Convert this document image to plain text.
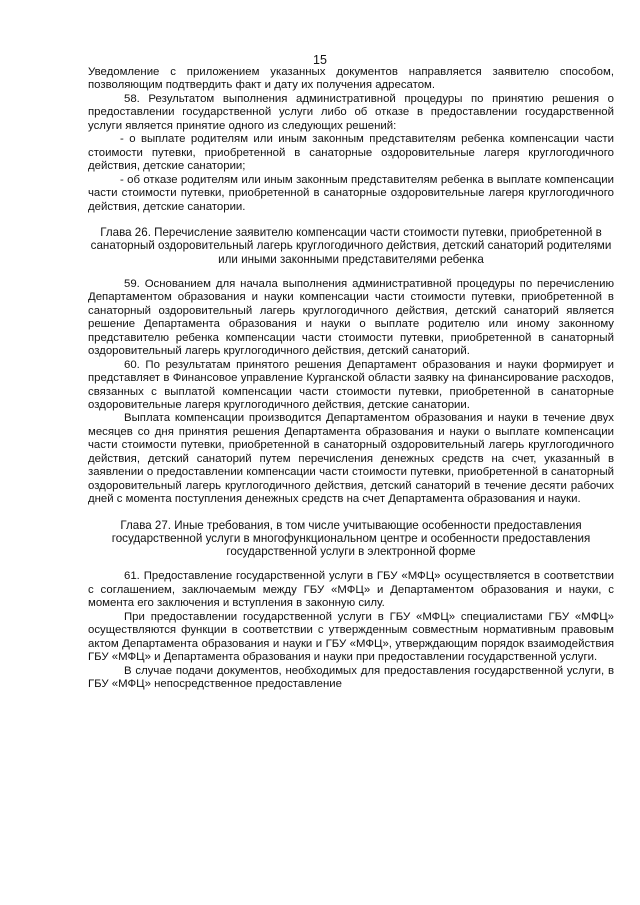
15

Уведомление с приложением указанных документов направляется заявителю способом, позволяющим подтвердить факт и дату их получения адресатом.

58. Результатом выполнения административной процедуры по принятию решения о предоставлении государственной услуги либо об отказе в предоставлении государственной услуги является принятие одного из следующих решений:

- о выплате родителям или иным законным представителям ребенка компенсации части стоимости путевки, приобретенной в санаторные оздоровительные лагеря круглогодичного действия, детские санатории;

- об отказе родителям или иным законным представителям ребенка в выплате компенсации части стоимости путевки, приобретенной в санаторные оздоровительные лагеря круглогодичного действия, детские санатории.

Глава 26. Перечисление заявителю компенсации части стоимости путевки, приобретенной в санаторный оздоровительный лагерь круглогодичного действия, детский санаторий родителями или иными законными представителями ребенка

59. Основанием для начала выполнения административной процедуры по перечислению Департаментом образования и науки компенсации части стоимости путевки, приобретенной в санаторный оздоровительный лагерь круглогодичного действия, детский санаторий является решение Департамента образования и науки о выплате родителю или иному законному представителю ребенка компенсации части стоимости путевки, приобретенной в санаторный оздоровительный лагерь круглогодичного действия, детский санаторий.

60. По результатам принятого решения Департамент образования и науки формирует и представляет в Финансовое управление Курганской области заявку на финансирование расходов, связанных с выплатой компенсации части стоимости путевки, приобретенной в санаторные оздоровительные лагеря круглогодичного действия, детские санатории.

Выплата компенсации производится Департаментом образования и науки в течение двух месяцев со дня принятия решения Департамента образования и науки о выплате компенсации части стоимости путевки, приобретенной в санаторный оздоровительный лагерь круглогодичного действия, детский санаторий путем перечисления денежных средств на счет, указанный в заявлении о предоставлении компенсации части стоимости путевки, приобретенной в санаторный оздоровительный лагерь круглогодичного действия, детский санаторий в течение десяти рабочих дней с момента поступления денежных средств на счет Департамента образования и науки.

Глава 27. Иные требования, в том числе учитывающие особенности предоставления государственной услуги в многофункциональном центре и особенности предоставления государственной услуги в электронной форме

61. Предоставление государственной услуги в ГБУ «МФЦ» осуществляется в соответствии с соглашением, заключаемым между ГБУ «МФЦ» и Департаментом образования и науки, с момента его заключения и вступления в законную силу.

При предоставлении государственной услуги в ГБУ «МФЦ» специалистами ГБУ «МФЦ» осуществляются функции в соответствии с утвержденным совместным нормативным правовым актом Департамента образования и науки и ГБУ «МФЦ», утверждающим порядок взаимодействия ГБУ «МФЦ» и Департамента образования и науки при предоставлении государственной услуги.

В случае подачи документов, необходимых для предоставления государственной услуги, в ГБУ «МФЦ» непосредственное предоставление
